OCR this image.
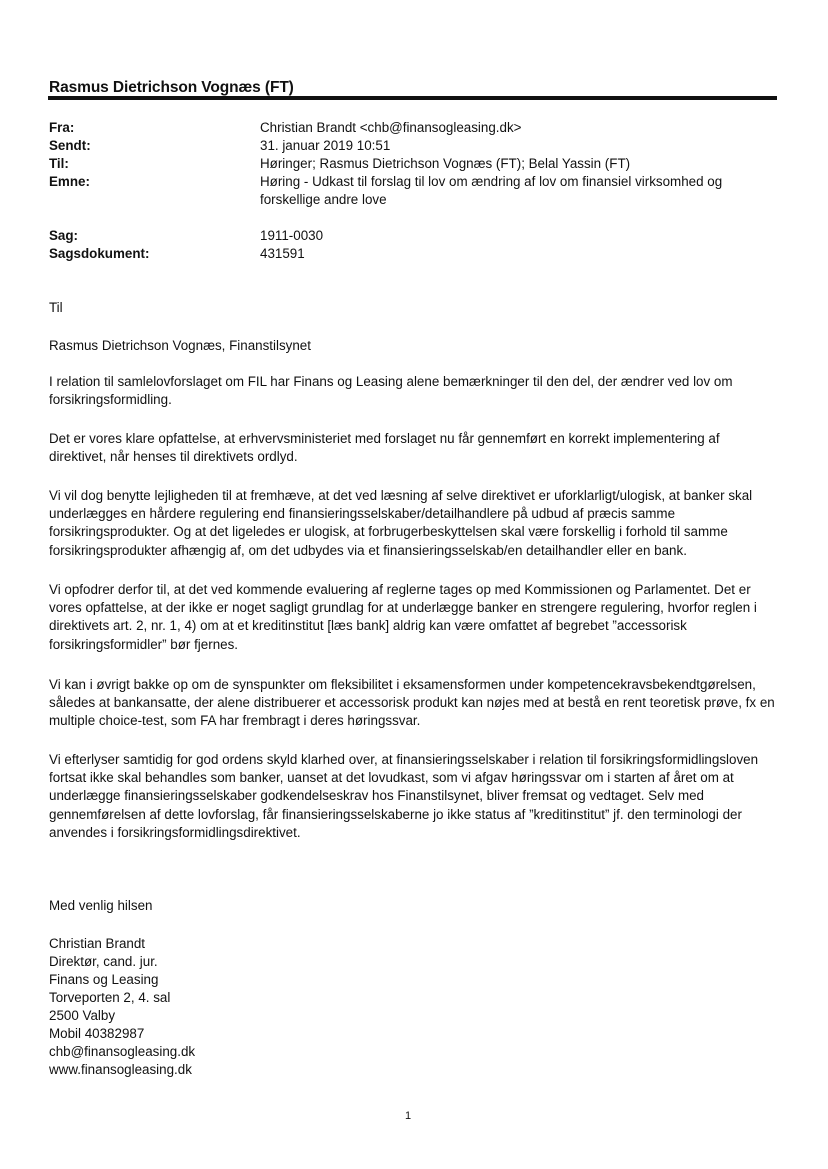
Rasmus Dietrichson Vognæs (FT)
Fra:	Christian Brandt <chb@finansogleasing.dk>
Sendt:	31. januar 2019 10:51
Til:	Høringer; Rasmus Dietrichson Vognæs (FT); Belal Yassin (FT)
Emne:	Høring - Udkast til forslag til lov om ændring af lov om finansiel virksomhed og forskellige andre love
Sag:	1911-0030
Sagsdokument:	431591
Til
Rasmus Dietrichson Vognæs, Finanstilsynet

I relation til samlelovforslaget om FIL har Finans og Leasing alene bemærkninger til den del, der ændrer ved lov om forsikringsformidling.

Det er vores klare opfattelse, at erhvervsministeriet med forslaget nu får gennemført en korrekt implementering af direktivet, når henses til direktivets ordlyd.

Vi vil dog benytte lejligheden til at fremhæve, at det ved læsning af selve direktivet er uforklarligt/ulogisk, at banker skal underlægges en hårdere regulering end finansieringsselskaber/detailhandlere på udbud af præcis samme forsikringsprodukter. Og at det ligeledes er ulogisk, at forbrugerbeskyttelsen skal være forskellig i forhold til samme forsikringsprodukter afhængig af, om det udbydes via et finansieringsselskab/en detailhandler eller en bank.

Vi opfodrer derfor til, at det ved kommende evaluering af reglerne tages op med Kommissionen og Parlamentet. Det er vores opfattelse, at der ikke er noget sagligt grundlag for at underlægge banker en strengere regulering, hvorfor reglen i direktivets art. 2, nr. 1, 4) om at et kreditinstitut [læs bank] aldrig kan være omfattet af begrebet ”accessorisk forsikringsformidler” bør fjernes.

Vi kan i øvrigt bakke op om de synspunkter om fleksibilitet i eksamensformen under kompetencekravsbekendtgørelsen, således at bankansatte, der alene distribuerer et accessorisk produkt kan nøjes med at bestå en rent teoretisk prøve, fx en multiple choice-test, som FA har frembragt i deres høringssvar.

Vi efterlyser samtidig for god ordens skyld klarhed over, at finansieringsselskaber i relation til forsikringsformidlingsloven fortsat ikke skal behandles som banker, uanset at det lovudkast, som vi afgav høringssvar om i starten af året om at underlægge finansieringsselskaber godkendelseskrav hos Finanstilsynet, bliver fremsat og vedtaget. Selv med gennemførelsen af dette lovforslag, får finansieringsselskaberne jo ikke status af ”kreditinstitut” jf. den terminologi der anvendes i forsikringsformidlingsdirektivet.

Med venlig hilsen
Christian Brandt
Direktør, cand. jur.
Finans og Leasing
Torveporten 2, 4. sal
2500 Valby
Mobil 40382987
chb@finansogleasing.dk
www.finansogleasing.dk
1
